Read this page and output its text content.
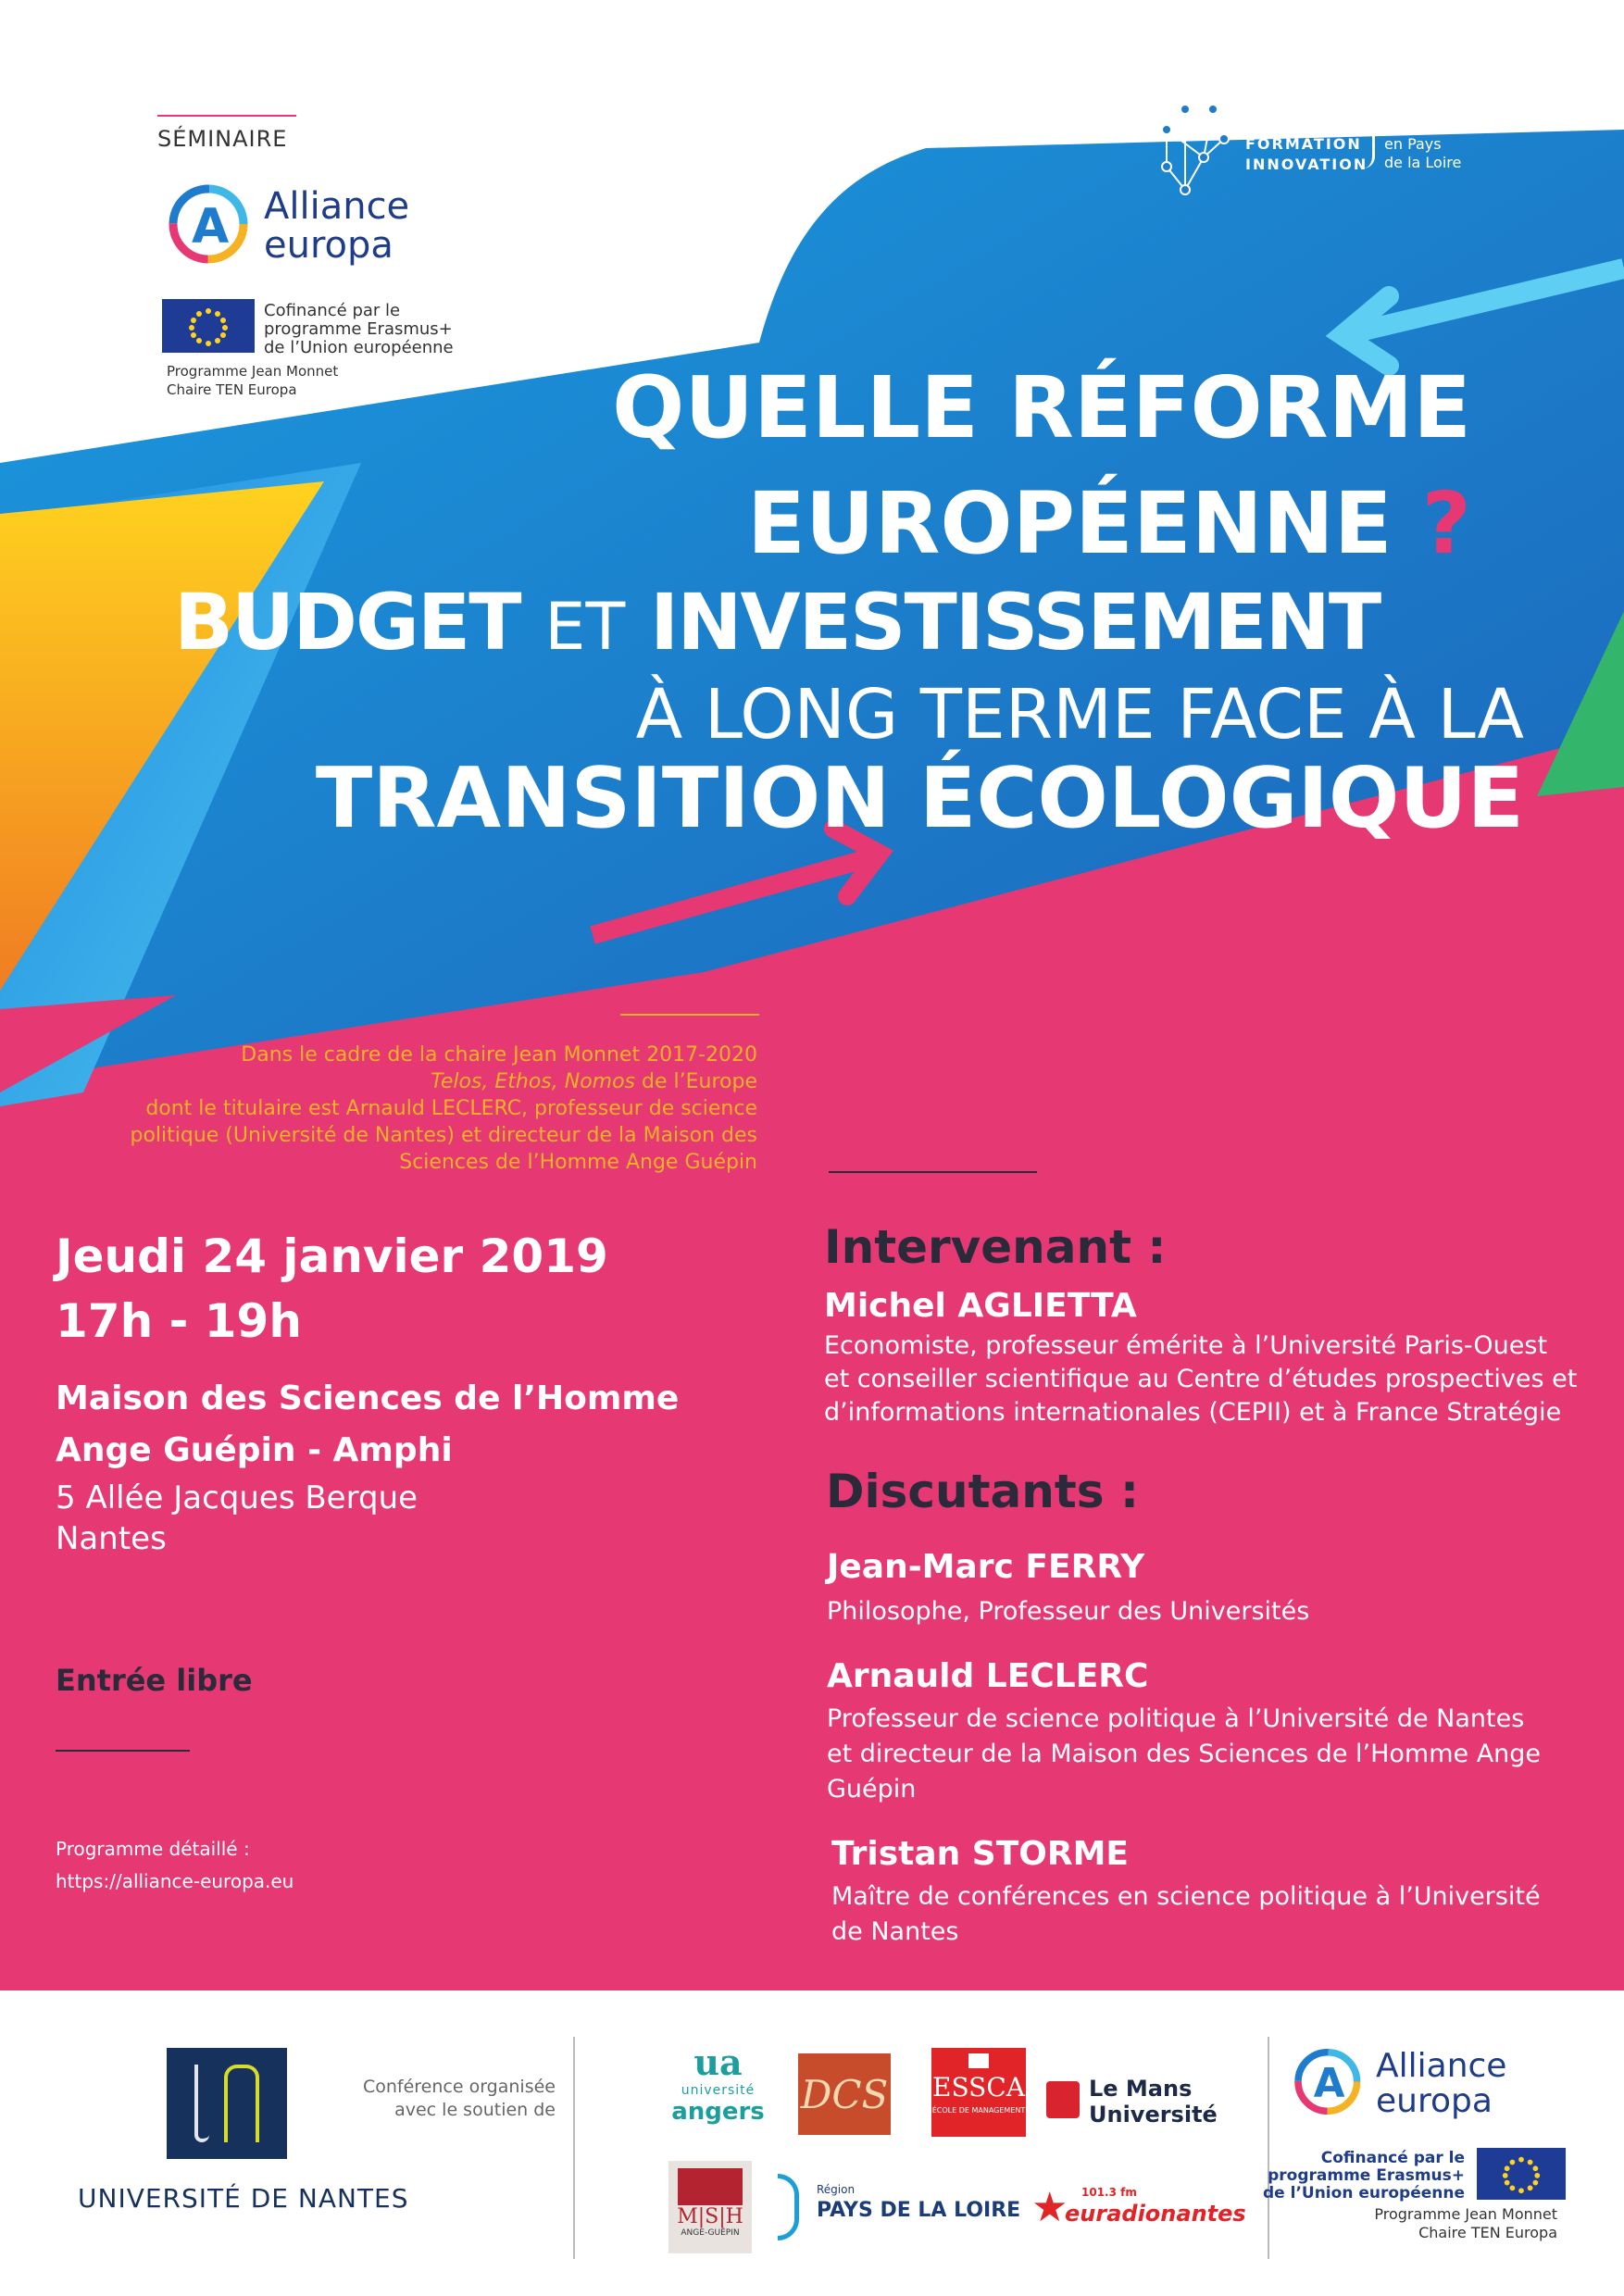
SÉMINAIRE
A Alliance
europa
Cofinancé par le
programme Erasmus+
de l’Union européenne
Programme Jean Monnet
Chaire TEN Europa
RECHERCHE
FORMATION
INNOVATION
en Pays
de la Loire
QUELLE RÉFORME
EUROPÉENNE ?
BUDGET ET INVESTISSEMENT
À LONG TERME FACE À LA
TRANSITION ÉCOLOGIQUE
Dans le cadre de la chaire Jean Monnet 2017-2020
Telos, Ethos, Nomos de l’Europe
dont le titulaire est Arnauld LECLERC, professeur de science
politique (Université de Nantes) et directeur de la Maison des
Sciences de l’Homme Ange Guépin
Jeudi 24 janvier 2019
17h - 19h
Maison des Sciences de l’Homme
Ange Guépin - Amphi
5 Allée Jacques Berque
Nantes
Entrée libre
Programme détaillé :
https://alliance-europa.eu
Intervenant :
Michel AGLIETTA
Economiste, professeur émérite à l’Université Paris-Ouest
et conseiller scientifique au Centre d’études prospectives et
d’informations internationales (CEPII) et à France Stratégie
Discutants :
Jean-Marc FERRY
Philosophe, Professeur des Universités
Arnauld LECLERC
Professeur de science politique à l’Université de Nantes
et directeur de la Maison des Sciences de l’Homme Ange
Guépin
Tristan STORME
Maître de conférences en science politique à l’Université
de Nantes
UNIVERSITÉ DE NANTES
Conférence organisée
avec le soutien de
ua
université
angers DCS ESSCA
ÉCOLE DE MANAGEMENT
Le Mans
Université
M|S|H
ANGE-GUÉPIN
Région
PAYS DE LA LOIRE ★ 101.3 fm
euradionantes
A Alliance
europa
Cofinancé par le
programme Erasmus+
de l’Union européenne
Programme Jean Monnet
Chaire TEN Europa
